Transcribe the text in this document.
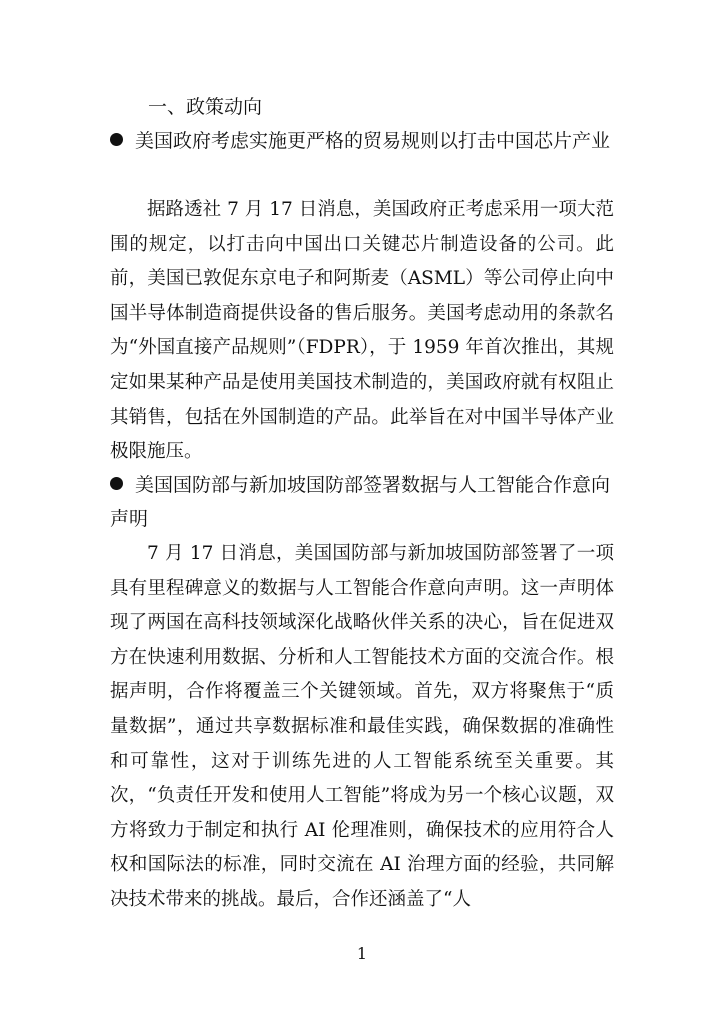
一、政策动向
美国政府考虑实施更严格的贸易规则以打击中国芯片产业

据路透社 7 月 17 日消息，美国政府正考虑采用一项大范围的规定，以打击向中国出口关键芯片制造设备的公司。此前，美国已敦促东京电子和阿斯麦（ASML）等公司停止向中国半导体制造商提供设备的售后服务。美国考虑动用的条款名为“外国直接产品规则”（FDPR），于 1959 年首次推出，其规定如果某种产品是使用美国技术制造的，美国政府就有权阻止其销售，包括在外国制造的产品。此举旨在对中国半导体产业极限施压。

美国国防部与新加坡国防部签署数据与人工智能合作意向声明

7 月 17 日消息，美国国防部与新加坡国防部签署了一项具有里程碑意义的数据与人工智能合作意向声明。这一声明体现了两国在高科技领域深化战略伙伴关系的决心，旨在促进双方在快速利用数据、分析和人工智能技术方面的交流合作。根据声明，合作将覆盖三个关键领域。首先，双方将聚焦于“质量数据”，通过共享数据标准和最佳实践，确保数据的准确性和可靠性，这对于训练先进的人工智能系统至关重要。其次，“负责任开发和使用人工智能”将成为另一个核心议题，双方将致力于制定和执行 AI 伦理准则，确保技术的应用符合人权和国际法的标准，同时交流在 AI 治理方面的经验，共同解决技术带来的挑战。最后，合作还涵盖了“人

1
